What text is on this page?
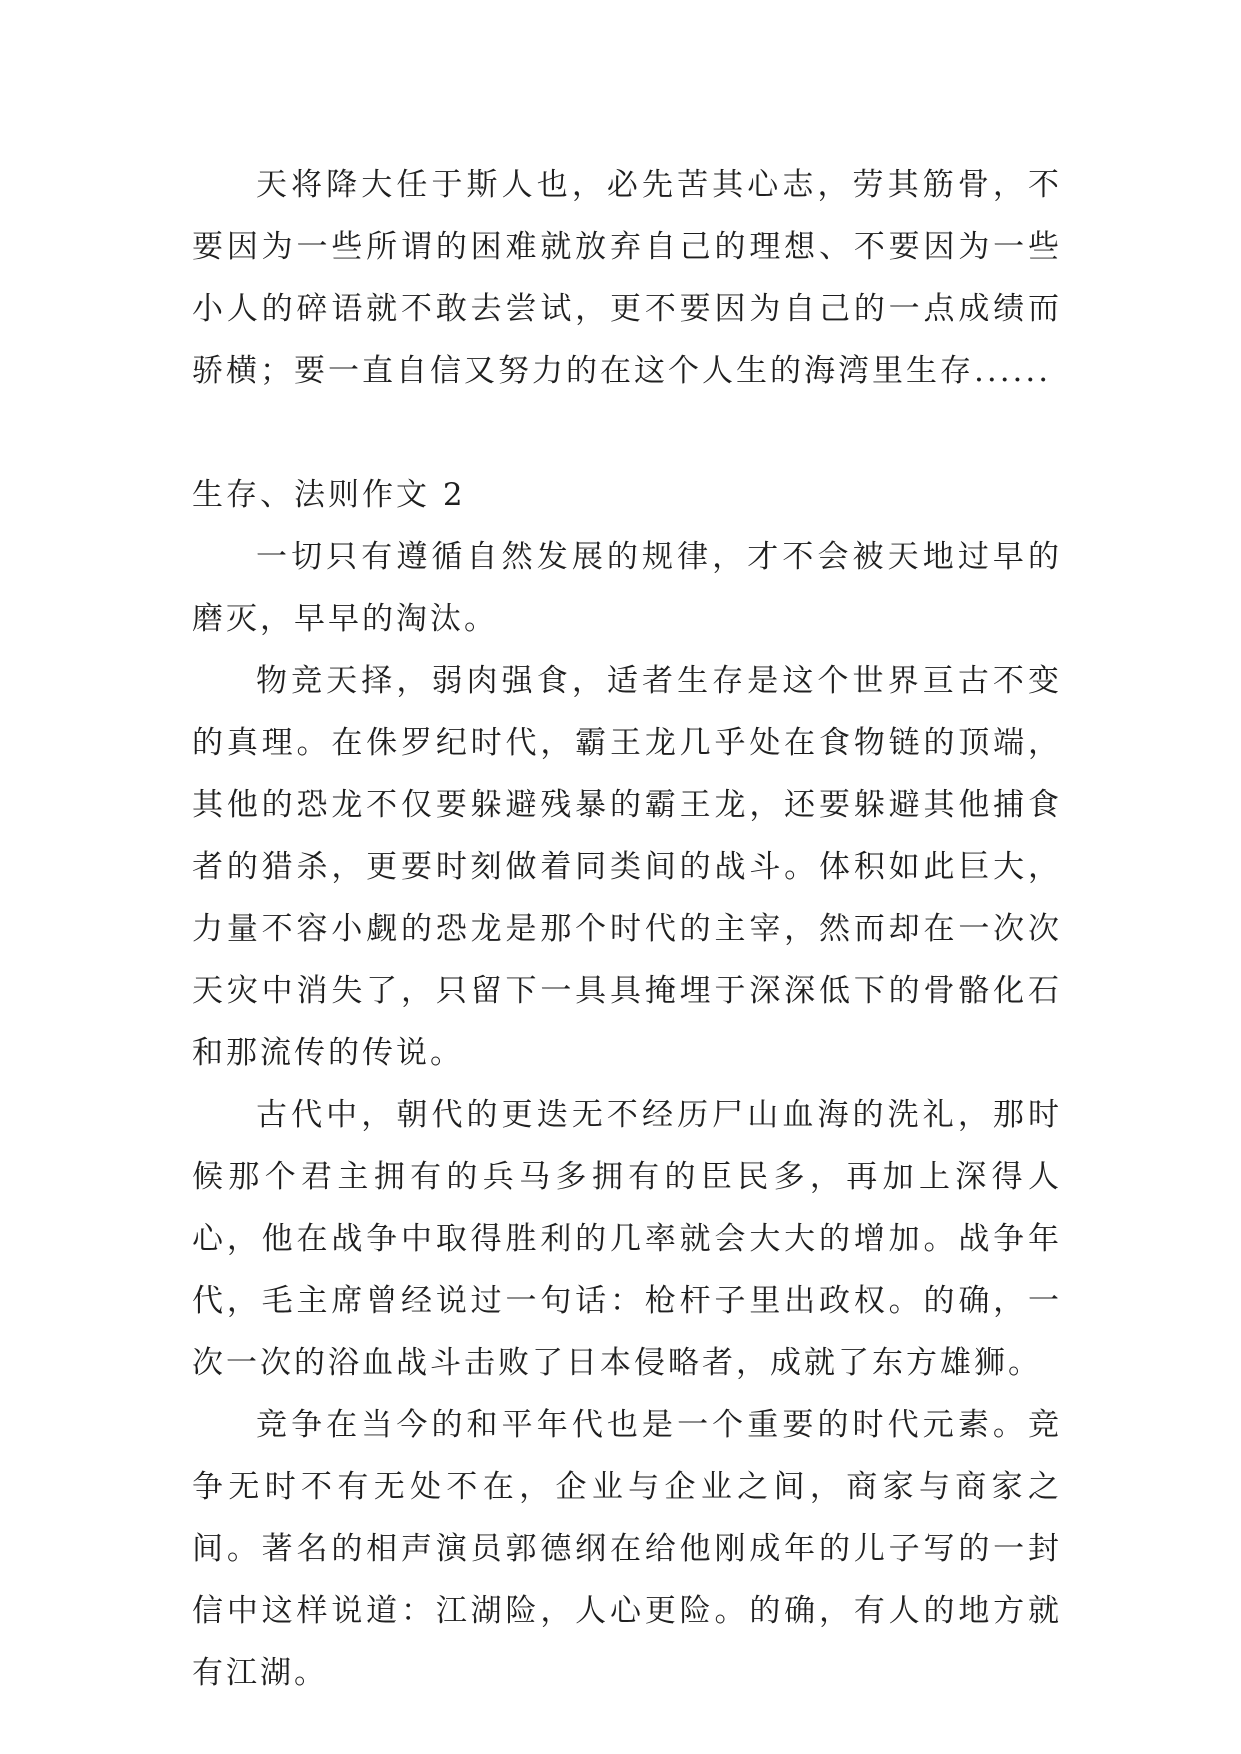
天将降大任于斯人也，必先苦其心志，劳其筋骨，不要因为一些所谓的困难就放弃自己的理想、不要因为一些小人的碎语就不敢去尝试，更不要因为自己的一点成绩而骄横；要一直自信又努力的在这个人生的海湾里生存......

生存、法则作文 2

一切只有遵循自然发展的规律，才不会被天地过早的磨灭，早早的淘汰。

物竞天择，弱肉强食，适者生存是这个世界亘古不变的真理。在侏罗纪时代，霸王龙几乎处在食物链的顶端，其他的恐龙不仅要躲避残暴的霸王龙，还要躲避其他捕食者的猎杀，更要时刻做着同类间的战斗。体积如此巨大，力量不容小觑的恐龙是那个时代的主宰，然而却在一次次天灾中消失了，只留下一具具掩埋于深深低下的骨骼化石和那流传的传说。

古代中，朝代的更迭无不经历尸山血海的洗礼，那时候那个君主拥有的兵马多拥有的臣民多，再加上深得人心，他在战争中取得胜利的几率就会大大的增加。战争年代，毛主席曾经说过一句话：枪杆子里出政权。的确，一次一次的浴血战斗击败了日本侵略者，成就了东方雄狮。

竞争在当今的和平年代也是一个重要的时代元素。竞争无时不有无处不在，企业与企业之间，商家与商家之间。著名的相声演员郭德纲在给他刚成年的儿子写的一封信中这样说道：江湖险，人心更险。的确，有人的地方就有江湖。
